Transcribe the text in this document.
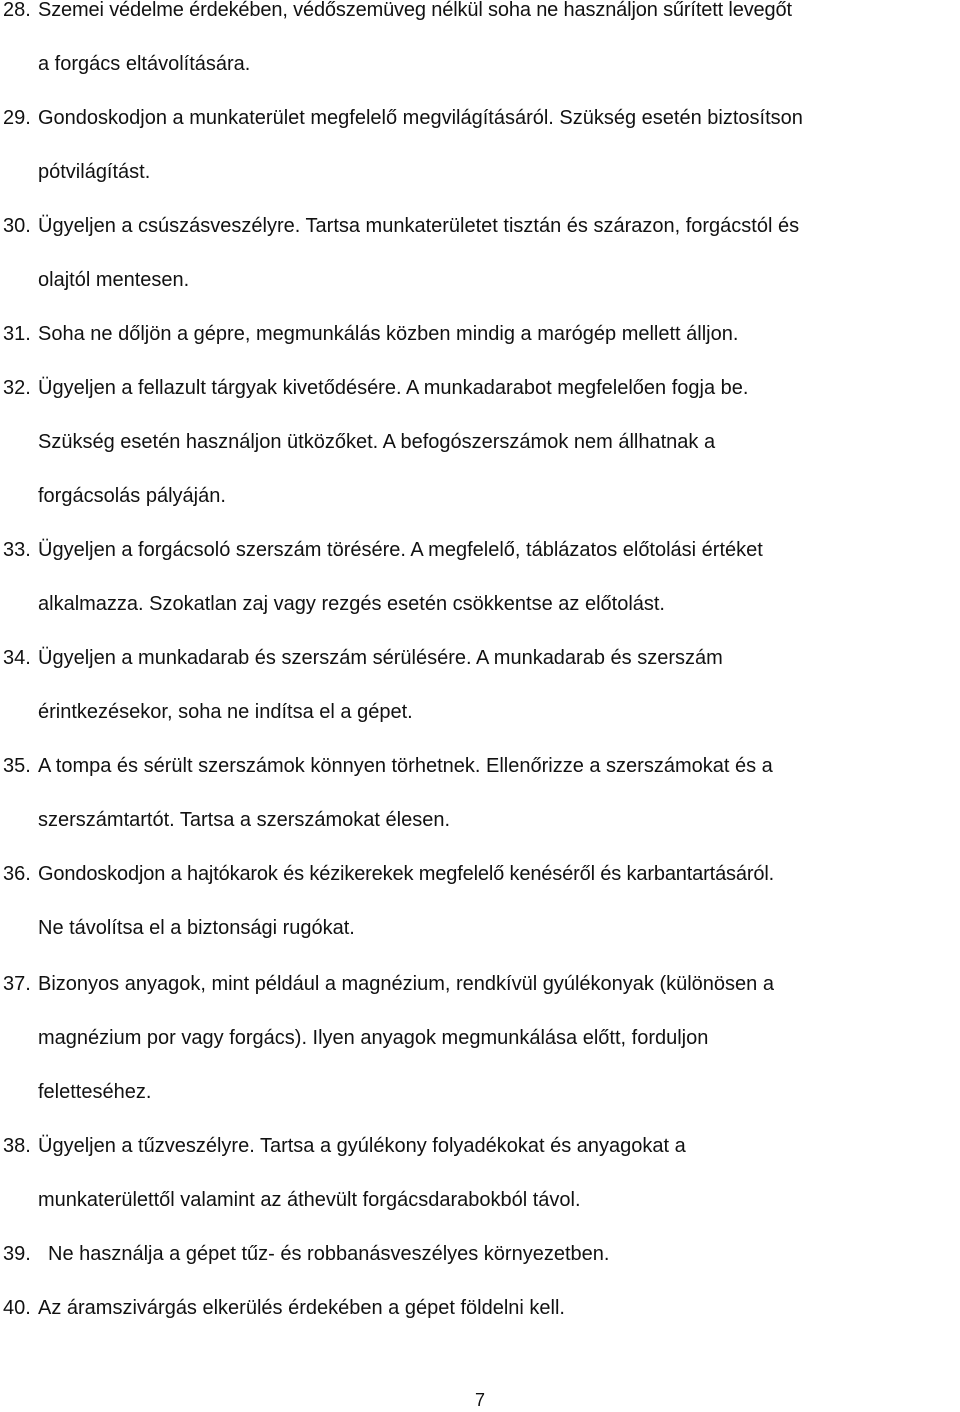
28. Szemei védelme érdekében, védőszemüveg nélkül soha ne használjon sűrített levegőt
a forgács eltávolítására.
29. Gondoskodjon a munkaterület megfelelő megvilágításáról. Szükség esetén biztosítson
pótvilágítást.
30. Ügyeljen a csúszásveszélyre. Tartsa munkaterületet tisztán és szárazon, forgácstól és
olajtól mentesen.
31. Soha ne dőljön a gépre, megmunkálás közben mindig a marógép mellett álljon.
32. Ügyeljen a fellazult tárgyak kivetődésére. A munkadarabot megfelelően fogja be.
Szükség esetén használjon ütközőket. A befogószerszámok nem állhatnak a
forgácsolás pályáján.
33. Ügyeljen a forgácsoló szerszám törésére. A megfelelő, táblázatos előtolási értéket
alkalmazza. Szokatlan zaj vagy rezgés esetén csökkentse az előtolást.
34. Ügyeljen a munkadarab és szerszám sérülésére. A munkadarab és szerszám
érintkezésekor, soha ne indítsa el a gépet.
35. A tompa és sérült szerszámok könnyen törhetnek. Ellenőrizze a szerszámokat és a
szerszámtartót. Tartsa a szerszámokat élesen.
36. Gondoskodjon a hajtókarok és kézikerekek megfelelő kenéséről és karbantartásáról.
Ne távolítsa el a biztonsági rugókat.
37. Bizonyos anyagok, mint például a magnézium, rendkívül gyúlékonyak (különösen a
magnézium por vagy forgács). Ilyen anyagok megmunkálása előtt, forduljon
feletteséhez.
38. Ügyeljen a tűzveszélyre. Tartsa a gyúlékony folyadékokat és anyagokat a
munkaterülettől valamint az áthevült forgácsdarabokból távol.
39. Ne használja a gépet tűz- és robbanásveszélyes környezetben.
40. Az áramszivárgás elkerülés érdekében a gépet földelni kell.
7
